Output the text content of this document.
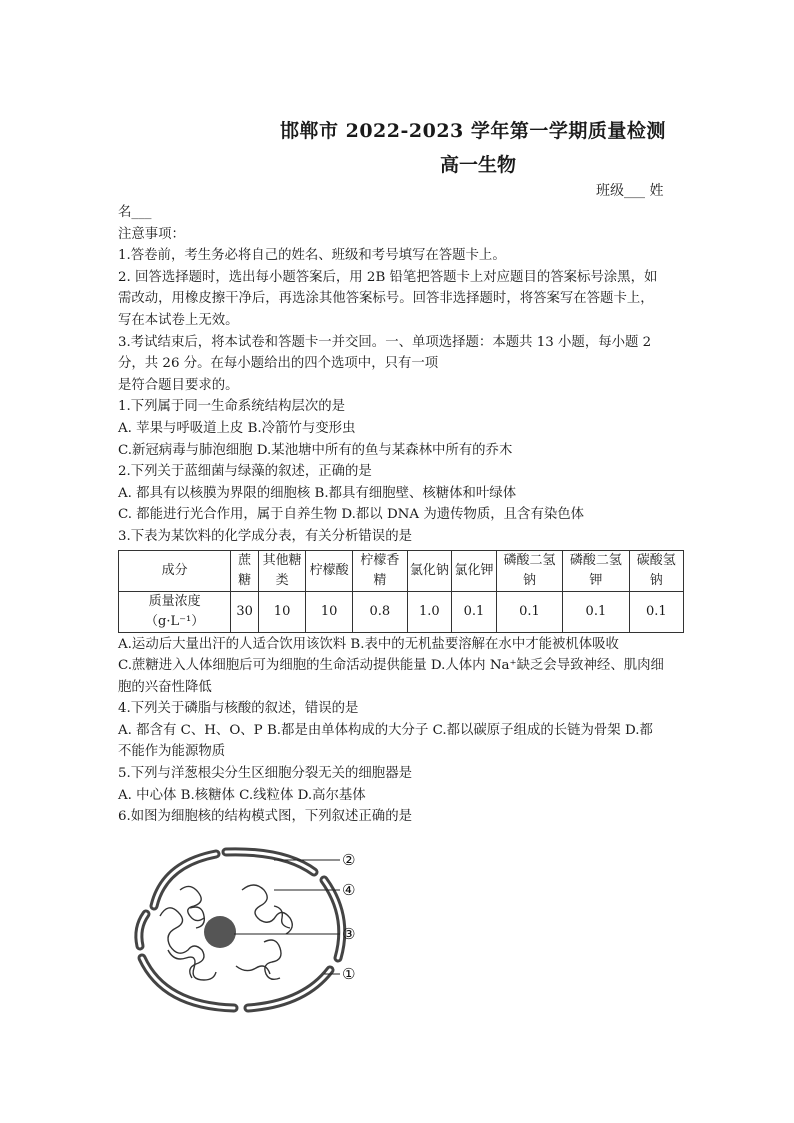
邯郸市 2022-2023 学年第一学期质量检测
高一生物
班级___ 姓

名___

注意事项：

1.答卷前，考生务必将自己的姓名、班级和考号填写在答题卡上。

2. 回答选择题时，选出每小题答案后，用 2B 铅笔把答题卡上对应题目的答案标号涂黑，如

需改动，用橡皮擦干净后，再选涂其他答案标号。回答非选择题时，将答案写在答题卡上，

写在本试卷上无效。

3.考试结束后，将本试卷和答题卡一并交回。一、单项选择题：本题共 13 小题，每小题 2

分，共 26 分。在每小题给出的四个选项中，只有一项

是符合题目要求的。

1.下列属于同一生命系统结构层次的是

A. 苹果与呼吸道上皮 B.冷箭竹与变形虫

C.新冠病毒与肺泡细胞 D.某池塘中所有的鱼与某森林中所有的乔木

2.下列关于蓝细菌与绿藻的叙述，正确的是

A. 都具有以核膜为界限的细胞核 B.都具有细胞壁、核糖体和叶绿体

C. 都能进行光合作用，属于自养生物 D.都以 DNA 为遗传物质，且含有染色体

3.下表为某饮料的化学成分表，有关分析错误的是

成分	蔗糖	其他糖类	柠檬酸	柠檬香精	氯化钠	氯化钾	磷酸二氢钠	磷酸二氢钾	碳酸氢钠
质量浓度
（g·L⁻¹）	30	10	10	0.8	1.0	0.1	0.1	0.1	0.1

A.运动后大量出汗的人适合饮用该饮料 B.表中的无机盐要溶解在水中才能被机体吸收

C.蔗糖进入人体细胞后可为细胞的生命活动提供能量 D.人体内 Na⁺缺乏会导致神经、肌肉细

胞的兴奋性降低

4.下列关于磷脂与核酸的叙述，错误的是

A. 都含有 C、H、O、P B.都是由单体构成的大分子 C.都以碳原子组成的长链为骨架 D.都

不能作为能源物质

5.下列与洋葱根尖分生区细胞分裂无关的细胞器是

A. 中心体 B.核糖体 C.线粒体 D.高尔基体

6.如图为细胞核的结构模式图，下列叙述正确的是

②
④
③
①
